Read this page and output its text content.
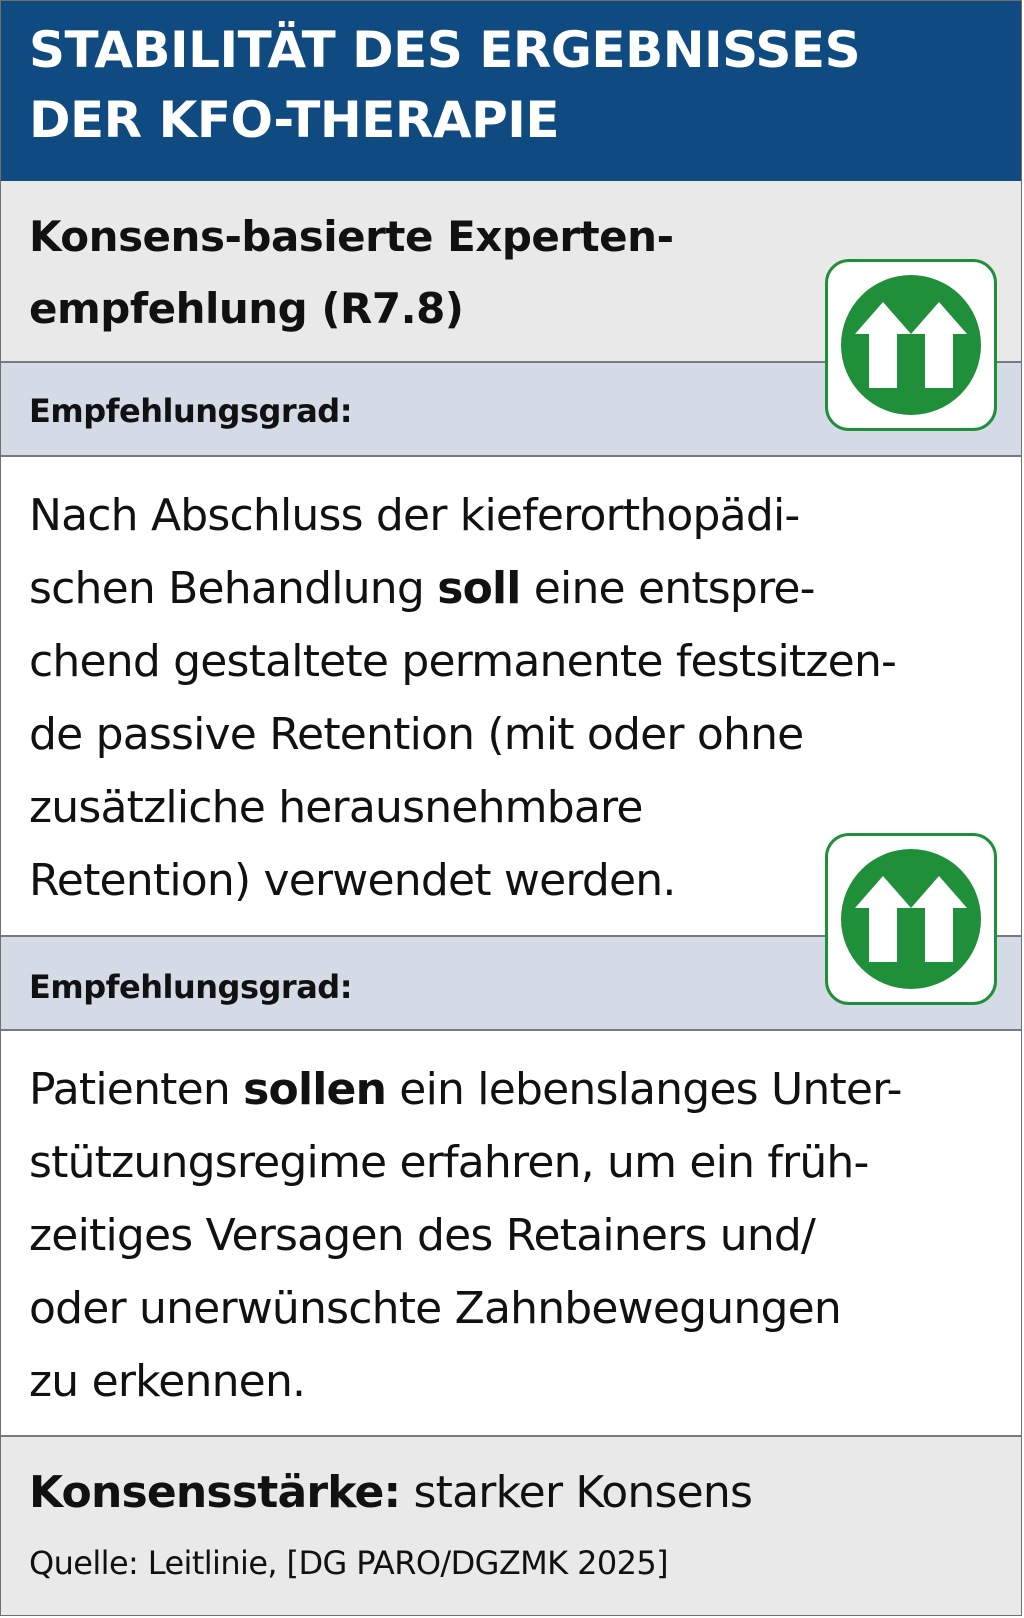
STABILITÄT DES ERGEBNISSES
DER KFO-THERAPIE
Konsens-basierte Experten-
empfehlung (R7.8)
Empfehlungsgrad:
Nach Abschluss der kieferorthopädi-
schen Behandlung soll eine entspre-
chend gestaltete permanente festsitzen-
de passive Retention (mit oder ohne
zusätzliche herausnehmbare
Retention) verwendet werden.
Empfehlungsgrad:
Patienten sollen ein lebenslanges Unter-
stützungsregime erfahren, um ein früh-
zeitiges Versagen des Retainers und/
oder unerwünschte Zahnbewegungen
zu erkennen.
Konsensstärke: starker Konsens
Quelle: Leitlinie, [DG PARO/DGZMK 2025]
